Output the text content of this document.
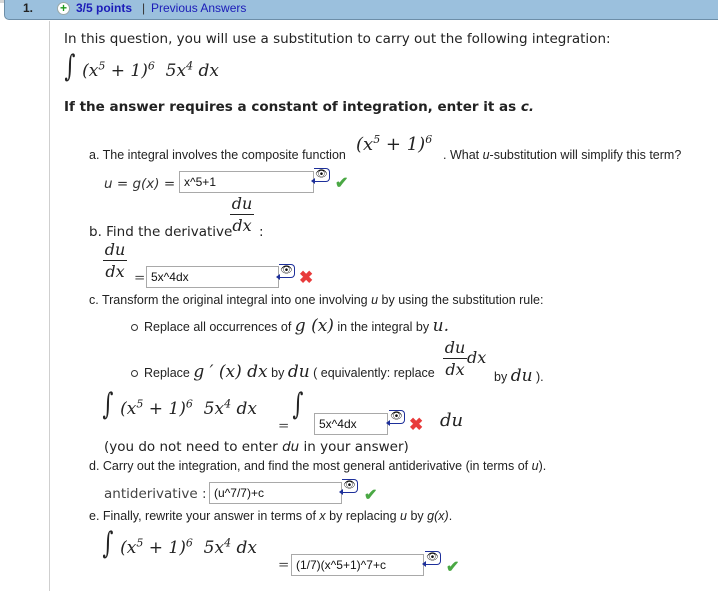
1. + 3/5 points | Previous Answers
In this question, you will use a substitution to carry out the following integration:
∫ $(x^5 + 1)^6$ $5x^4$ dx
If the answer requires a constant of integration, enter it as c.
a. The integral involves the composite function $(x^5 + 1)^6$
. What u-substitution will simplify this term?
u = g(x) =
x^5+1
👁
✔
du
dx
b. Find the derivative :
du
dx =
5x^4dx	👁 ✖
c. Transform the original integral into one involving u by using the substitution rule:
Replace all occurrences of g (x) in the integral by u.
Replace g ′ (x) dx by du ( equivalently: replace
du
dx
dx
by du ).
∫ $(x^5 + 1)^6$ $5x^4$ dx
=
∫
5x^4dx	👁 ✖ du
(you do not need to enter du in your answer)
d. Carry out the integration, and find the most general antiderivative (in terms of u).
antiderivative :
(u^7/7)+c
👁
✔
e. Finally, rewrite your answer in terms of x by replacing u by g(x).
∫ $(x^5 + 1)^6$ $5x^4$ dx
=
(1/7)(x^5+1)^7+c	👁
✔
